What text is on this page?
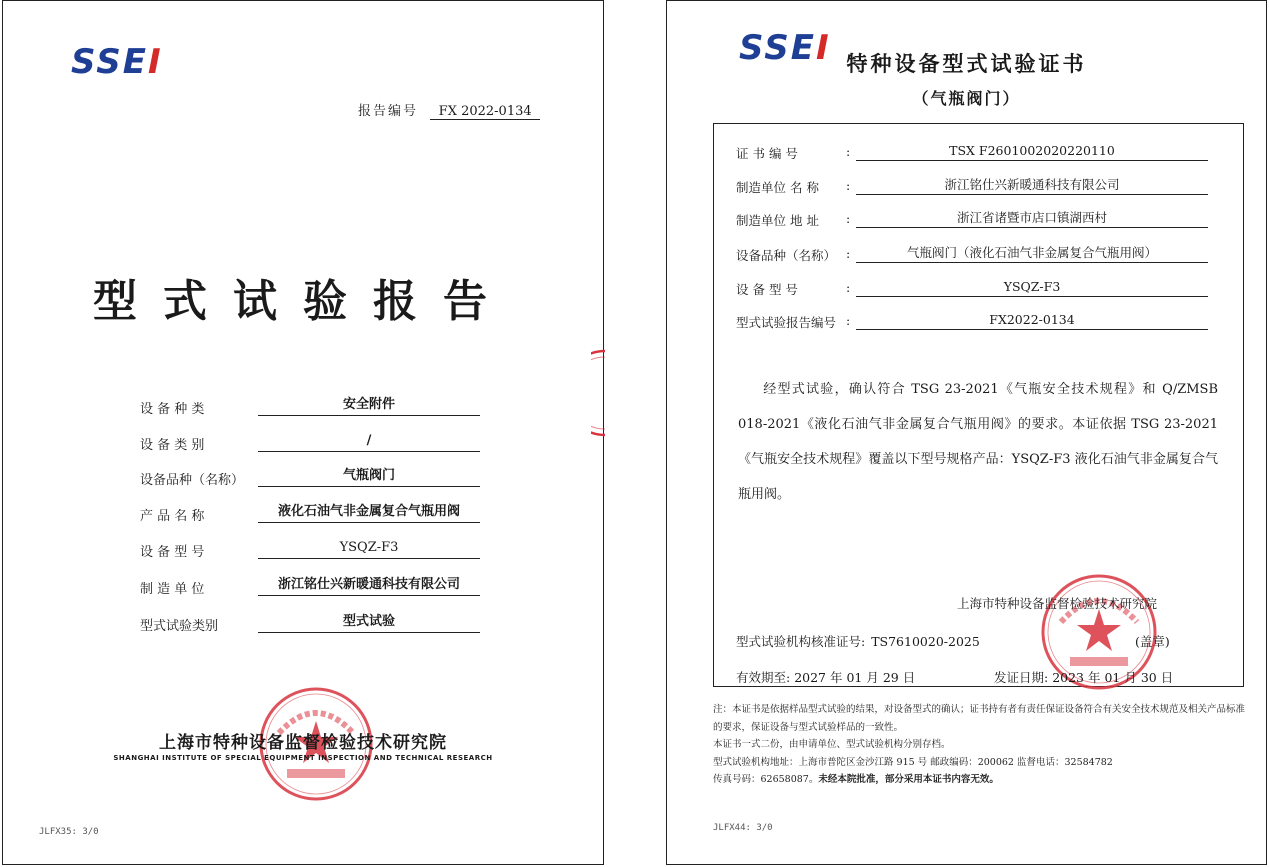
SSEI
报告编号 FX 2022-0134
型式试验报告
设 备 种 类	安全附件
设 备 类 别	/
设备品种（名称）	气瓶阀门
产 品 名 称	液化石油气非金属复合气瓶用阀
设 备 型 号	YSQZ-F3
制 造 单 位	浙江铭仕兴新暖通科技有限公司
型式试验类别	型式试验
上海市特种设备监督检验技术研究院
SHANGHAI INSTITUTE OF SPECIAL EQUIPMENT INSPECTION AND TECHNICAL RESEARCH
JLFX35: 3/0
SSEI 特种设备型式试验证书
（气瓶阀门）
证 书 编 号	:	TSX F2601002020220110
制造单位 名 称	:	浙江铭仕兴新暖通科技有限公司
制造单位 地 址	:	浙江省诸暨市店口镇湖西村
设备品种（名称） :	气瓶阀门（液化石油气非金属复合气瓶用阀）
设 备 型 号	:	YSQZ-F3
型式试验报告编号 :	FX2022-0134
经型式试验，确认符合 TSG 23-2021《气瓶安全技术规程》和 Q/ZMSB 018-2021《液化石油气非金属复合气瓶用阀》的要求。本证依据 TSG 23-2021《气瓶安全技术规程》覆盖以下型号规格产品：YSQZ-F3 液化石油气非金属复合气瓶用阀。
上海市特种设备监督检验技术研究院
型式试验机构核准证号: TS7610020-2025	(盖章)
有效期至: 2027 年 01 月 29 日	发证日期: 2023 年 01 月 30 日

注：本证书是依据样品型式试验的结果，对设备型式的确认；证书持有者有责任保证设备符合有关安全技术规范及相关产品标准的要求，保证设备与型式试验样品的一致性。

本证书一式二份，由申请单位、型式试验机构分别存档。

型式试验机构地址：上海市普陀区金沙江路 915 号 邮政编码：200062 监督电话：32584782

传真号码：62658087。未经本院批准，部分采用本证书内容无效。

JLFX44: 3/0
